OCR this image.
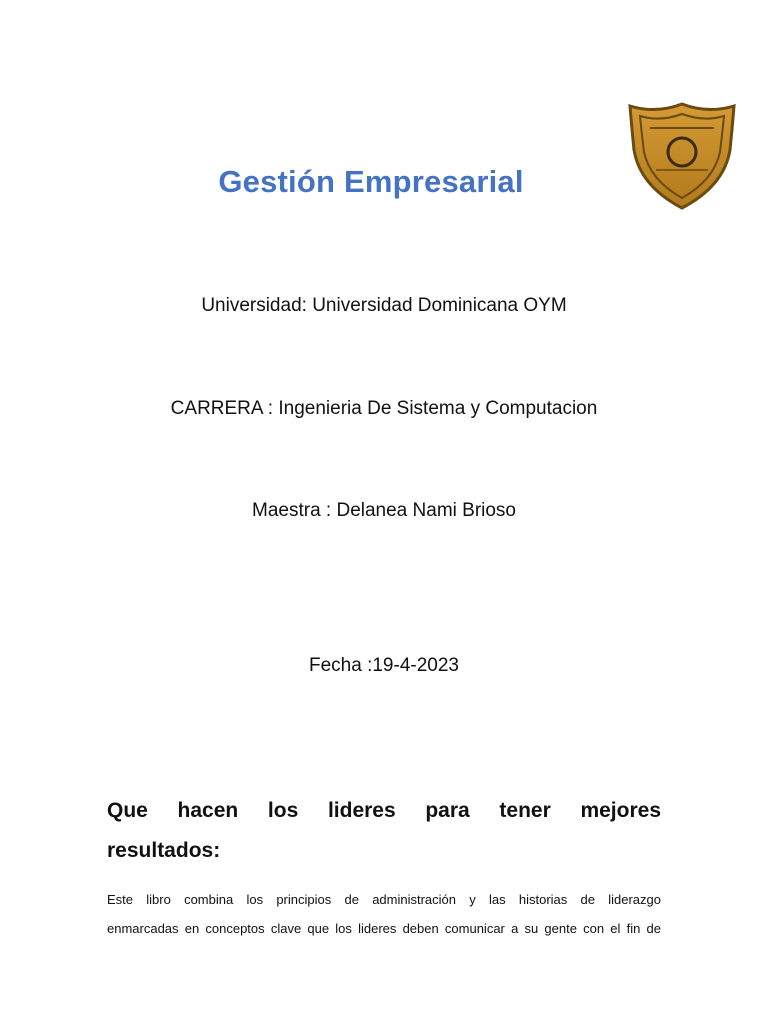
Gestión Empresarial
Universidad: Universidad Dominicana OYM
CARRERA : Ingenieria De Sistema y Computacion
Maestra : Delanea Nami Brioso
Fecha :19-4-2023
Que hacen los lideres para tener mejores
resultados:
Este libro combina los principios de administración y las historias de liderazgo
enmarcadas en conceptos clave que los lideres deben comunicar a su gente con el fin de
